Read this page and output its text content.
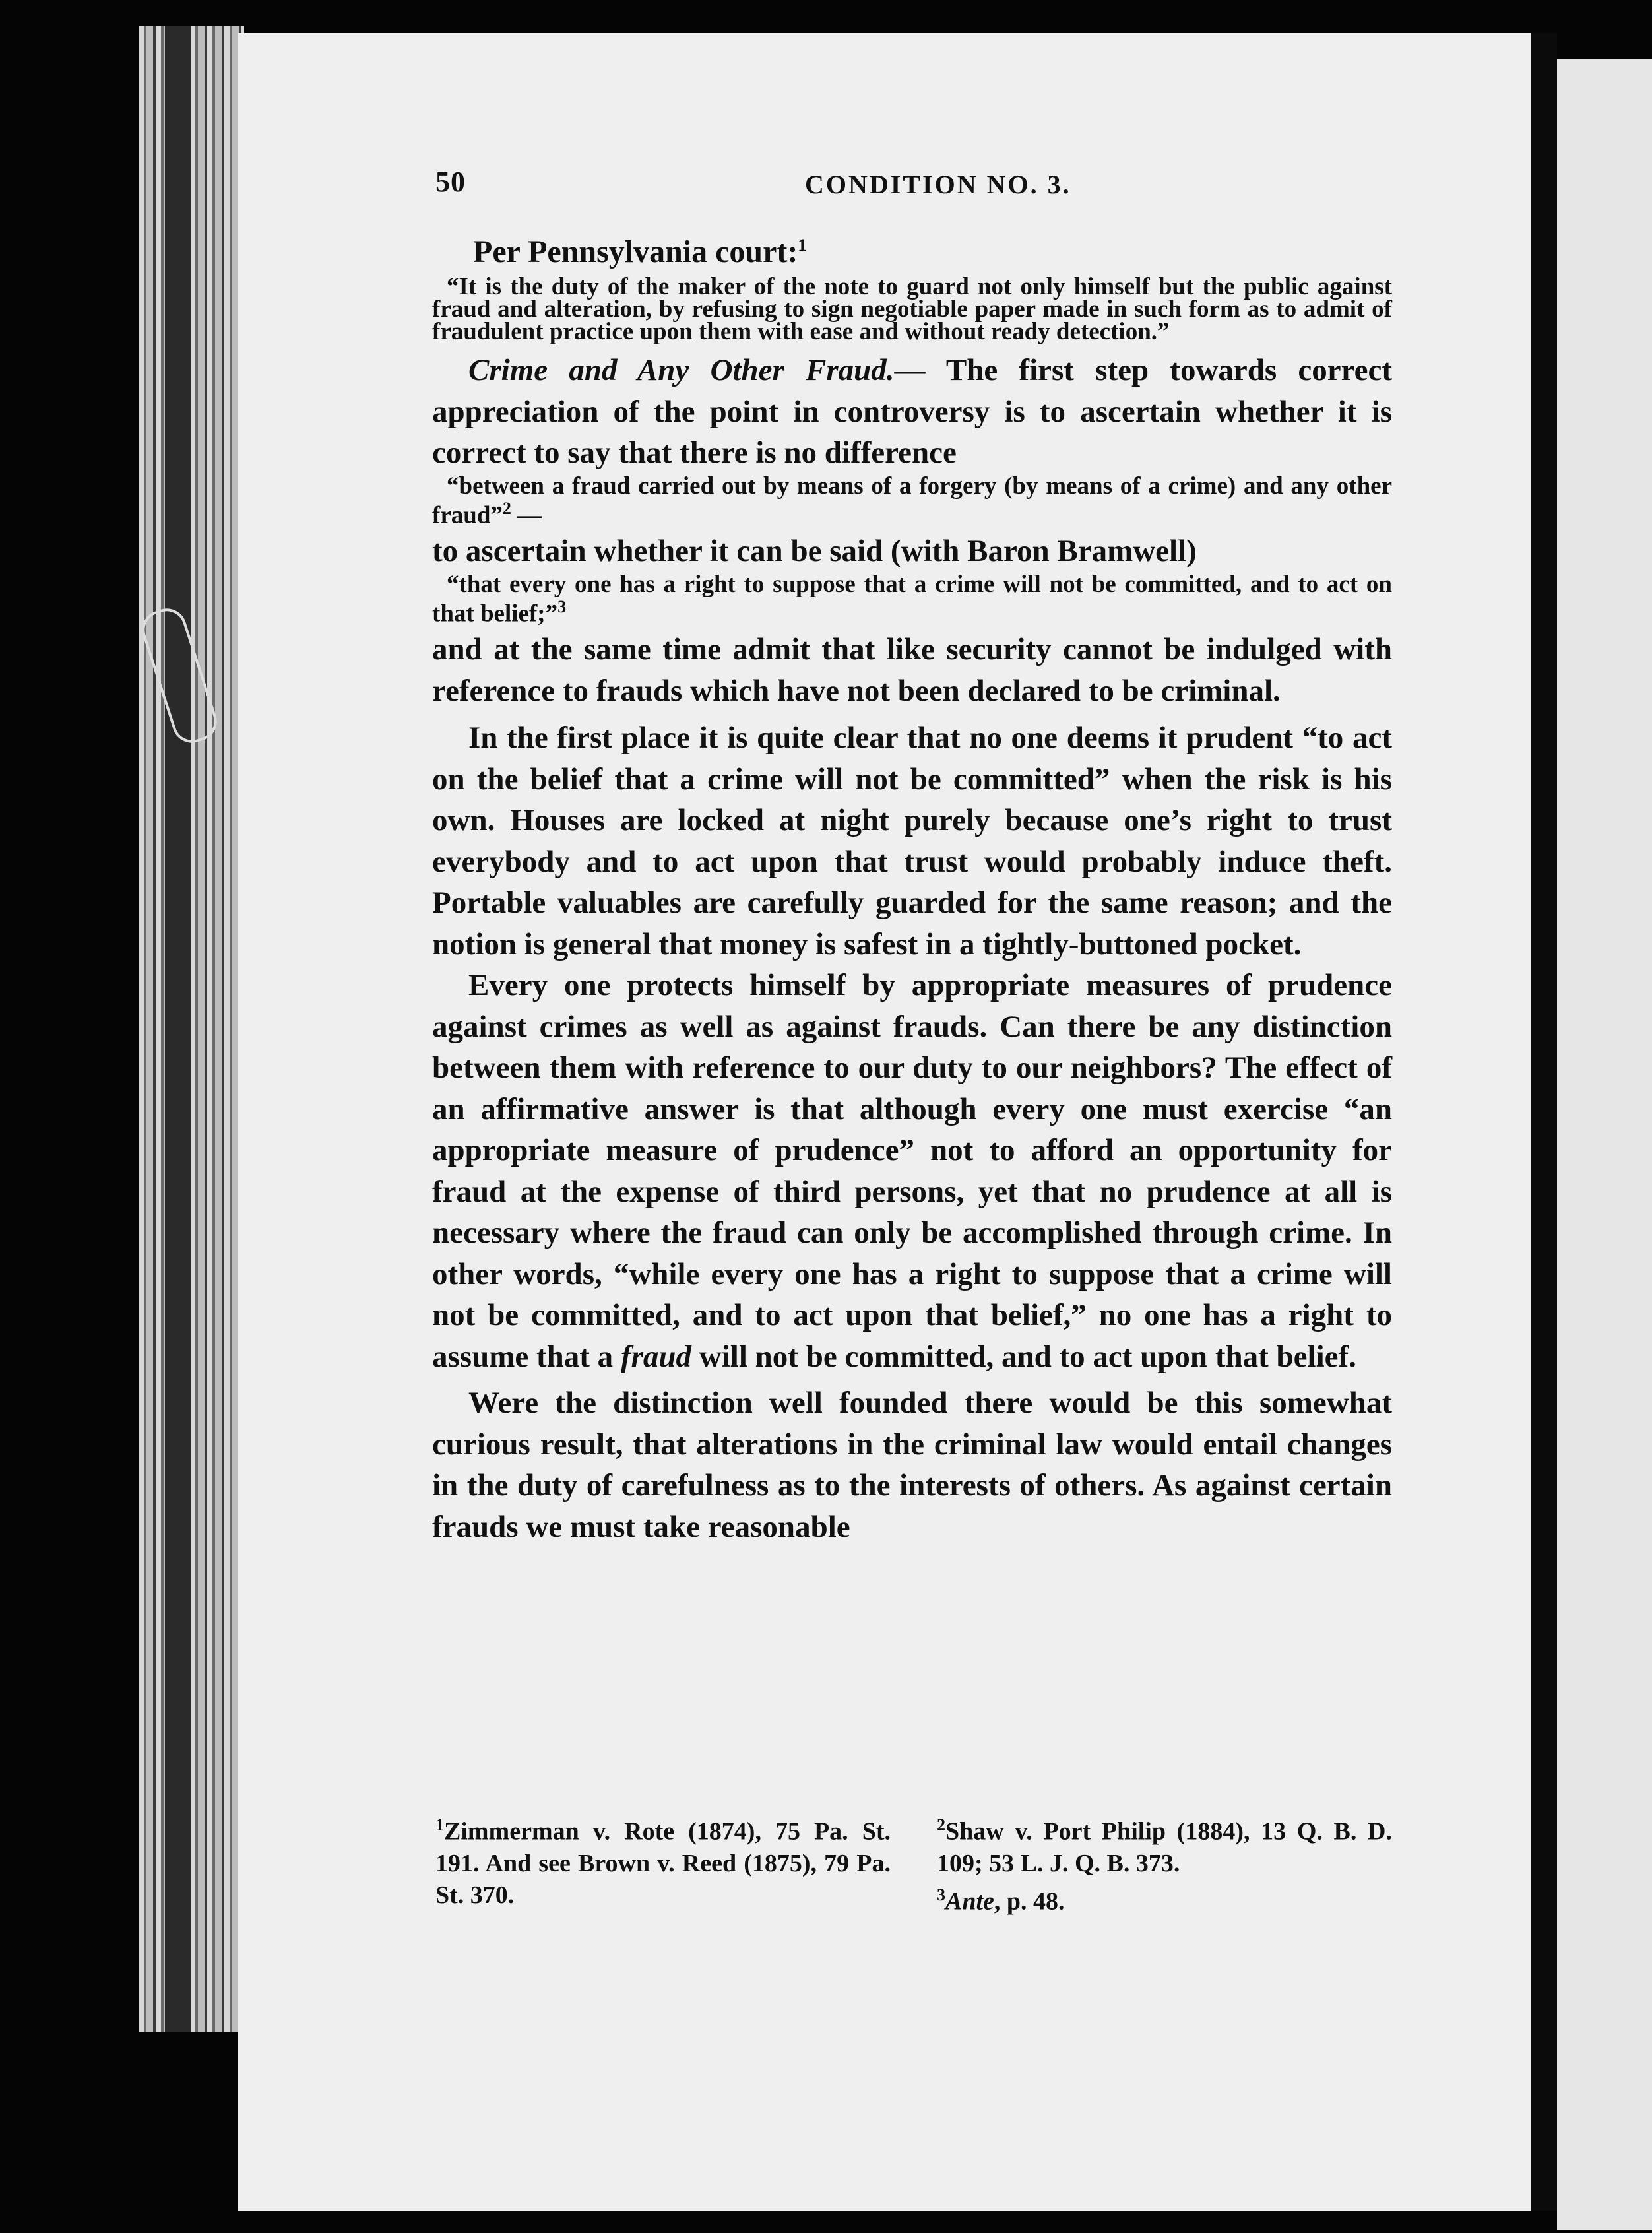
50	CONDITION NO. 3.

Per Pennsylvania court:$^1$

“It is the duty of the maker of the note to guard not only himself but the public against fraud and alteration, by refusing to sign negotiable paper made in such form as to admit of fraudulent practice upon them with ease and without ready detection.”

Crime and Any Other Fraud.— The first step towards correct appreciation of the point in controversy is to ascertain whether it is correct to say that there is no difference

“between a fraud carried out by means of a forgery (by means of a crime) and any other fraud”$^2$ —

to ascertain whether it can be said (with Baron Bramwell)

“that every one has a right to suppose that a crime will not be committed, and to act on that belief;”$^3$

and at the same time admit that like security cannot be indulged with reference to frauds which have not been declared to be criminal.

In the first place it is quite clear that no one deems it prudent “to act on the belief that a crime will not be committed” when the risk is his own. Houses are locked at night purely because one’s right to trust everybody and to act upon that trust would probably induce theft. Portable valuables are carefully guarded for the same reason; and the notion is general that money is safest in a tightly-buttoned pocket.

Every one protects himself by appropriate measures of prudence against crimes as well as against frauds. Can there be any distinction between them with reference to our duty to our neighbors? The effect of an affirmative answer is that although every one must exercise “an appropriate measure of prudence” not to afford an opportunity for fraud at the expense of third persons, yet that no prudence at all is necessary where the fraud can only be accomplished through crime. In other words, “while every one has a right to suppose that a crime will not be committed, and to act upon that belief,” no one has a right to assume that a fraud will not be committed, and to act upon that belief.

Were the distinction well founded there would be this somewhat curious result, that alterations in the criminal law would entail changes in the duty of carefulness as to the interests of others. As against certain frauds we must take reasonable

$^1$Zimmerman v. Rote (1874), 75 Pa. St. 191. And see Brown v. Reed (1875), 79 Pa. St. 370.

$^2$Shaw v. Port Philip (1884), 13 Q. B. D. 109; 53 L. J. Q. B. 373.

$^3$Ante, p. 48.
